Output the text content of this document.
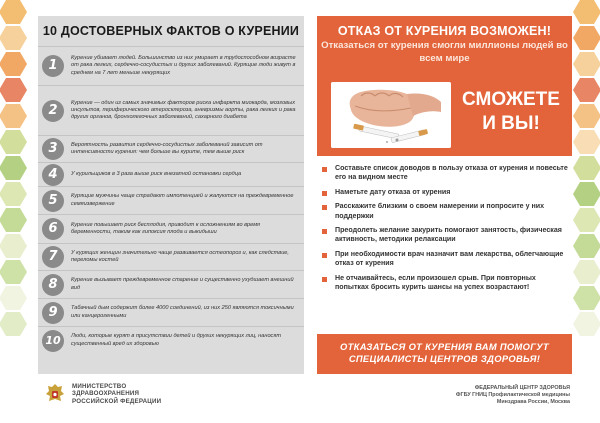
10 ДОСТОВЕРНЫХ ФАКТОВ О КУРЕНИИ
1	Курение убивает людей. Большинство из них умирает в трудоспособном возрасте от рака легких, сердечно-сосудистых и других заболеваний. Курящие люди живут в среднем на 7 лет меньше некурящих
2	Курение — один из самых значимых факторов риска инфаркта миокарда, мозговых инсультов, периферического атеросклероза, аневризмы аорты, рака легких и рака других органов, бронхолегочных заболеваний, сахарного диабета
3	Вероятность развития сердечно-сосудистых заболеваний зависит от интенсивности курения: чем больше вы курите, тем выше риск
4	У курильщиков в 3 раза выше риск внезапной остановки сердца
5	Курящие мужчины чаще страдают импотенцией и жалуются на преждевременное семяизвержение
6	Курение повышает риск бесплодия, приводит к осложнениям во время беременности, таким как гипоксия плода и выкидыши
7	У курящих женщин значительно чаще развивается остеопороз и, как следствие, переломы костей
8	Курение вызывает преждевременное старение и существенно ухудшает внешний вид
9	Табачный дым содержит более 4000 соединений, из них 250 являются токсичными или канцерогенными
10	Люди, которые курят в присутствии детей и других некурящих лиц, наносят существенный вред их здоровью
ОТКАЗ ОТ КУРЕНИЯ ВОЗМОЖЕН!
Отказаться от курения смогли миллионы людей во всем мире
СМОЖЕТЕ
И ВЫ!
Составьте список доводов в пользу отказа от курения и повесьте его на видном месте
Наметьте дату отказа от курения
Расскажите близким о своем намерении и попросите у них поддержки
Преодолеть желание закурить помогают занятость, физическая активность, методики релаксации
При необходимости врач назначит вам лекарства, облегчающие отказ от курения
Не отчаивайтесь, если произошел срыв. При повторных попытках бросить курить шансы на успех возрастают!
ОТКАЗАТЬСЯ ОТ КУРЕНИЯ ВАМ ПОМОГУТ
СПЕЦИАЛИСТЫ ЦЕНТРОВ ЗДОРОВЬЯ!
МИНИСТЕРСТВО
ЗДРАВООХРАНЕНИЯ
РОССИЙСКОЙ ФЕДЕРАЦИИ
ФЕДЕРАЛЬНЫЙ ЦЕНТР ЗДОРОВЬЯ
ФГБУ ГНИЦ Профилактической медицины
Минздрава России, Москва
